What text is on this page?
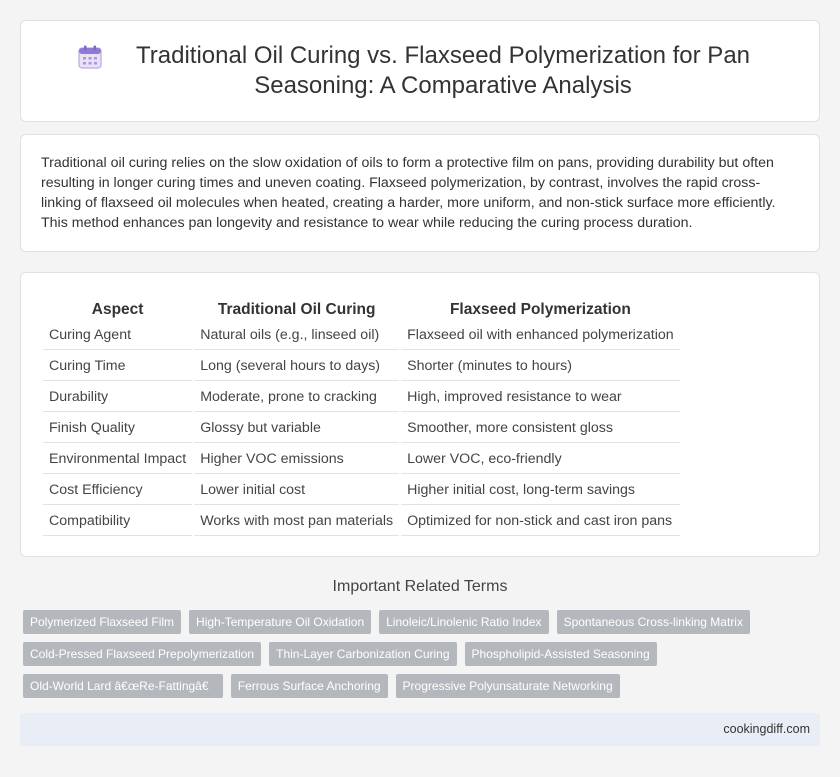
Traditional Oil Curing vs. Flaxseed Polymerization for Pan Seasoning: A Comparative Analysis

Traditional oil curing relies on the slow oxidation of oils to form a protective film on pans, providing durability but often resulting in longer curing times and uneven coating. Flaxseed polymerization, by contrast, involves the rapid cross-linking of flaxseed oil molecules when heated, creating a harder, more uniform, and non-stick surface more efficiently. This method enhances pan longevity and resistance to wear while reducing the curing process duration.

Aspect	Traditional Oil Curing	Flaxseed Polymerization
Curing Agent	Natural oils (e.g., linseed oil)	Flaxseed oil with enhanced polymerization
Curing Time	Long (several hours to days)	Shorter (minutes to hours)
Durability	Moderate, prone to cracking	High, improved resistance to wear
Finish Quality	Glossy but variable	Smoother, more consistent gloss
Environmental Impact	Higher VOC emissions	Lower VOC, eco-friendly
Cost Efficiency	Lower initial cost	Higher initial cost, long-term savings
Compatibility	Works with most pan materials	Optimized for non-stick and cast iron pans
Important Related Terms
Polymerized Flaxseed Film	High-Temperature Oil Oxidation	Linoleic/Linolenic Ratio Index	Spontaneous Cross-linking Matrix
Cold-Pressed Flaxseed Prepolymerization	Thin-Layer Carbonization Curing	Phospholipid-Assisted Seasoning
Old-World Lard â€œRe-Fattingâ€	Ferrous Surface Anchoring	Progressive Polyunsaturate Networking
cookingdiff.com
